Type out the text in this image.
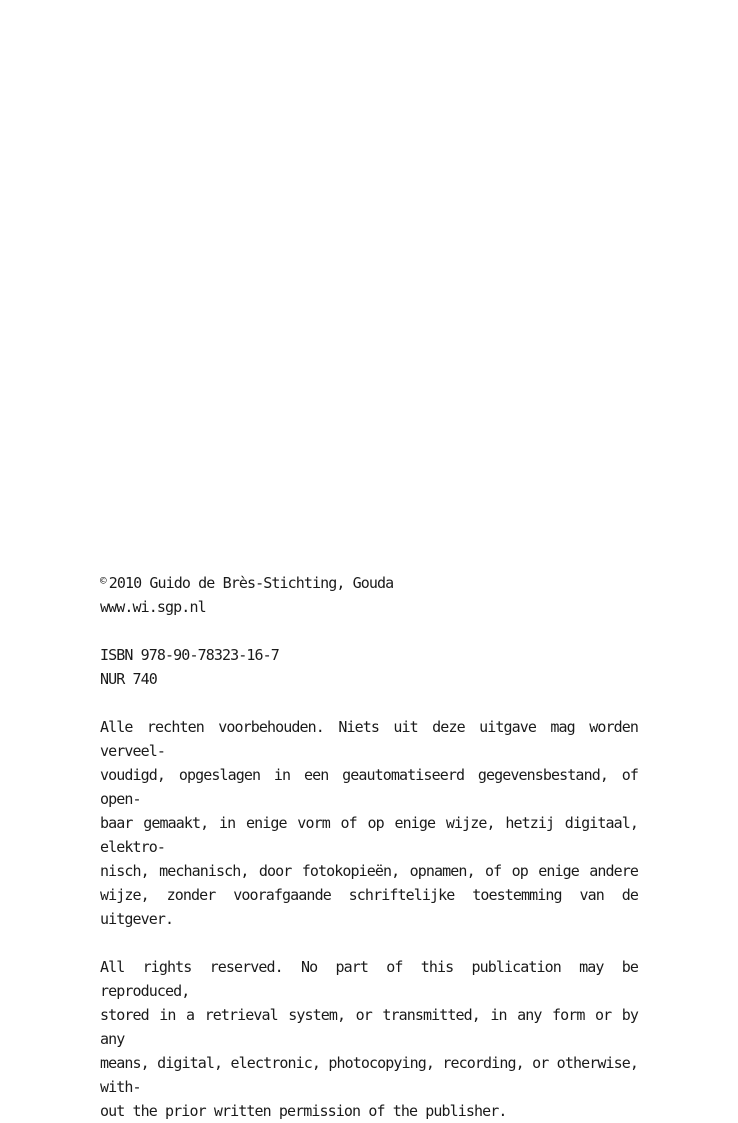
© 2010 Guido de Brès-Stichting, Gouda
www.wi.sgp.nl
ISBN 978-90-78323-16-7
NUR 740
Alle rechten voorbehouden. Niets uit deze uitgave mag worden verveel-
voudigd, opgeslagen in een geautomatiseerd gegevensbestand, of open-
baar gemaakt, in enige vorm of op enige wijze, hetzij digitaal, elektro-
nisch, mechanisch, door fotokopieën, opnamen, of op enige andere
wijze, zonder voorafgaande schriftelijke toestemming van de uitgever.
All rights reserved. No part of this publication may be reproduced,
stored in a retrieval system, or transmitted, in any form or by any
means, digital, electronic, photocopying, recording, or otherwise, with-
out the prior written permission of the publisher.
